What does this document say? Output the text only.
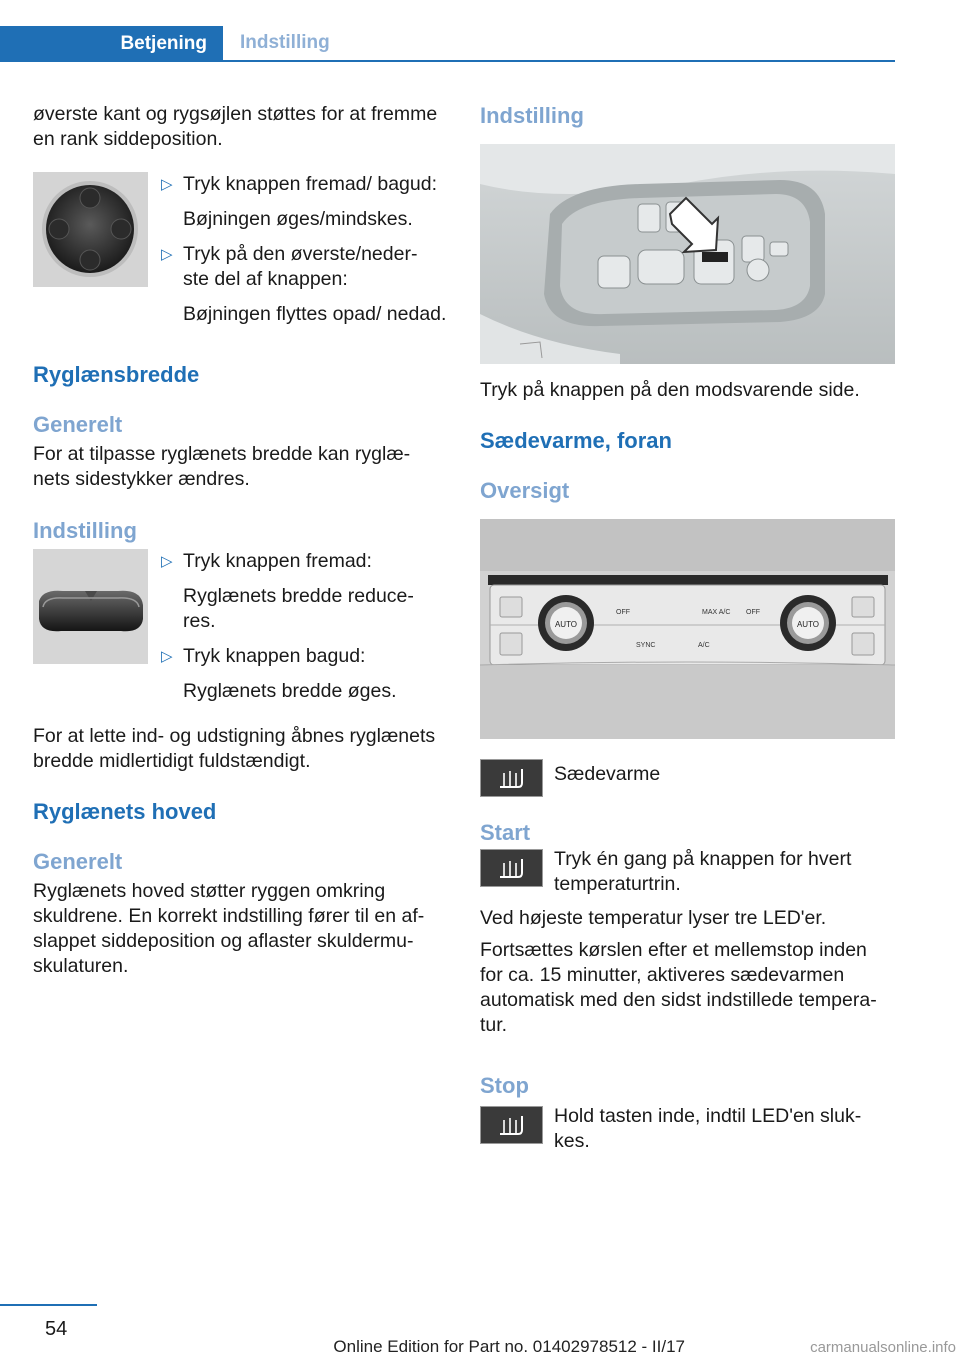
Betjening	Indstilling

øverste kant og rygsøjlen støttes for at fremme en rank siddeposition.

▷ Tryk knappen fremad/ bagud:

Bøjningen øges/mindskes.

▷ Tryk på den øverste/neder- ste del af knappen:

Bøjningen flyttes opad/ nedad.

Ryglænsbredde
Generelt

For at tilpasse ryglænets bredde kan ryglæ- nets sidestykker ændres.

Indstilling
▷ Tryk knappen fremad:

Ryglænets bredde reduce- res.

▷ Tryk knappen bagud:

Ryglænets bredde øges.

For at lette ind- og udstigning åbnes ryglænets bredde midlertidigt fuldstændigt.

Ryglænets hoved
Generelt

Ryglænets hoved støtter ryggen omkring skuldrene. En korrekt indstilling fører til en af- slappet siddeposition og aflaster skuldermu- skulaturen.

Indstilling

Tryk på knappen på den modsvarende side.

Sædevarme, foran
Oversigt
AUTO	AUTO
OFF	MAX A/C OFF
SYNC	A/C

Sædevarme

Start

Tryk én gang på knappen for hvert temperaturtrin.

Ved højeste temperatur lyser tre LED'er.

Fortsættes kørslen efter et mellemstop inden for ca. 15 minutter, aktiveres sædevarmen automatisk med den sidst indstillede tempera- tur.

Stop

Hold tasten inde, indtil LED'en sluk- kes.

54
Online Edition for Part no. 01402978512 - II/17	carmanualsonline.info
